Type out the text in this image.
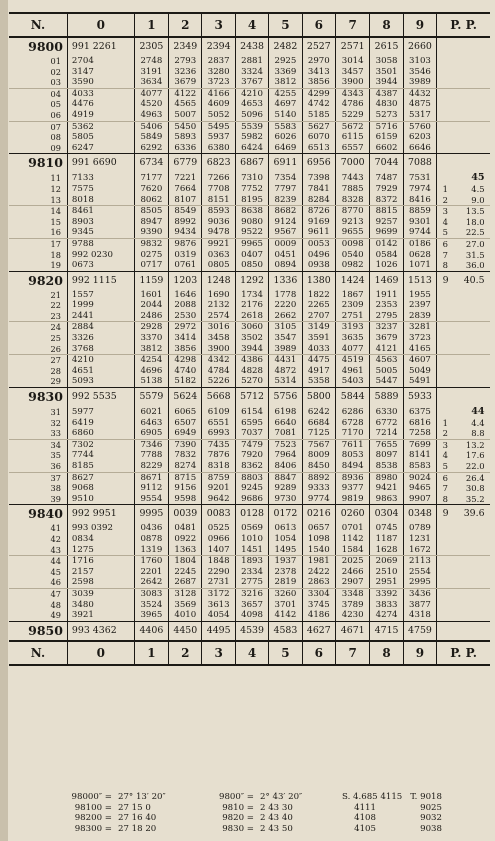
N.	0	1	2	3	4	5	6	7	8	9	P. P.
9800	991 2261	2305	2349	2394	2438	2482	2527	2571	2615	2660	
01	2704	2748	2793	2837	2881	2925	2970	3014	3058	3103	
02	3147	3191	3236	3280	3324	3369	3413	3457	3501	3546	
03	3590	3634	3679	3723	3767	3812	3856	3900	3944	3989	
04	4033	4077	4122	4166	4210	4255	4299	4343	4387	4432	
05	4476	4520	4565	4609	4653	4697	4742	4786	4830	4875	
06	4919	4963	5007	5052	5096	5140	5185	5229	5273	5317	
07	5362	5406	5450	5495	5539	5583	5627	5672	5716	5760	
08	5805	5849	5893	5937	5982	6026	6070	6115	6159	6203	
09	6247	6292	6336	6380	6424	6469	6513	6557	6602	6646	
9810	991 6690	6734	6779	6823	6867	6911	6956	7000	7044	7088	
11	7133	7177	7221	7266	7310	7354	7398	7443	7487	7531	45

12	7575	7620	7664	7708	7752	7797	7841	7885	7929	7974	1 4.5

13	8018	8062	8107	8151	8195	8239	8284	8328	8372	8416	2 9.0

14	8461	8505	8549	8593	8638	8682	8726	8770	8815	8859	3 13.5

15	8903	8947	8992	9036	9080	9124	9169	9213	9257	9301	4 18.0

16	9345	9390	9434	9478	9522	9567	9611	9655	9699	9744	5 22.5

17	9788	9832	9876	9921	9965	0009	0053	0098	0142	0186	6 27.0

18	992 0230	0275	0319	0363	0407	0451	0496	0540	0584	0628	7 31.5

19	0673	0717	0761	0805	0850	0894	0938	0982	1026	1071	8 36.0

9820	992 1115	1159	1203	1248	1292	1336	1380	1424	1469	1513	9 40.5

21	1557	1601	1646	1690	1734	1778	1822	1867	1911	1955	
22	1999	2044	2088	2132	2176	2220	2265	2309	2353	2397	
23	2441	2486	2530	2574	2618	2662	2707	2751	2795	2839	
24	2884	2928	2972	3016	3060	3105	3149	3193	3237	3281	
25	3326	3370	3414	3458	3502	3547	3591	3635	3679	3723	
26	3768	3812	3856	3900	3944	3989	4033	4077	4121	4165	
27	4210	4254	4298	4342	4386	4431	4475	4519	4563	4607	
28	4651	4696	4740	4784	4828	4872	4917	4961	5005	5049	
29	5093	5138	5182	5226	5270	5314	5358	5403	5447	5491	
9830	992 5535	5579	5624	5668	5712	5756	5800	5844	5889	5933	
31	5977	6021	6065	6109	6154	6198	6242	6286	6330	6375	44

32	6419	6463	6507	6551	6595	6640	6684	6728	6772	6816	1 4.4

33	6860	6905	6949	6993	7037	7081	7125	7170	7214	7258	2 8.8

34	7302	7346	7390	7435	7479	7523	7567	7611	7655	7699	3 13.2

35	7744	7788	7832	7876	7920	7964	8009	8053	8097	8141	4 17.6

36	8185	8229	8274	8318	8362	8406	8450	8494	8538	8583	5 22.0

37	8627	8671	8715	8759	8803	8847	8892	8936	8980	9024	6 26.4

38	9068	9112	9156	9201	9245	9289	9333	9377	9421	9465	7 30.8

39	9510	9554	9598	9642	9686	9730	9774	9819	9863	9907	8 35.2

9840	992 9951	9995	0039	0083	0128	0172	0216	0260	0304	0348	9 39.6

41	993 0392	0436	0481	0525	0569	0613	0657	0701	0745	0789	
42	0834	0878	0922	0966	1010	1054	1098	1142	1187	1231	
43	1275	1319	1363	1407	1451	1495	1540	1584	1628	1672	
44	1716	1760	1804	1848	1893	1937	1981	2025	2069	2113	
45	2157	2201	2245	2290	2334	2378	2422	2466	2510	2554	
46	2598	2642	2687	2731	2775	2819	2863	2907	2951	2995	
47	3039	3083	3128	3172	3216	3260	3304	3348	3392	3436	
48	3480	3524	3569	3613	3657	3701	3745	3789	3833	3877	
49	3921	3965	4010	4054	4098	4142	4186	4230	4274	4318	
9850	993 4362	4406	4450	4495	4539	4583	4627	4671	4715	4759	
N.	0	1	2	3	4	5	6	7	8	9	P. P.
98000″ = 27° 13′ 20″	9800″ = 2° 43′ 20″	S. 4.685 4115 T. 9018
98100 = 27 15 0	9810 = 2 43 30	4111	9025
98200 = 27 16 40	9820 = 2 43 40	4108	9032
98300 = 27 18 20	9830 = 2 43 50	4105	9038
